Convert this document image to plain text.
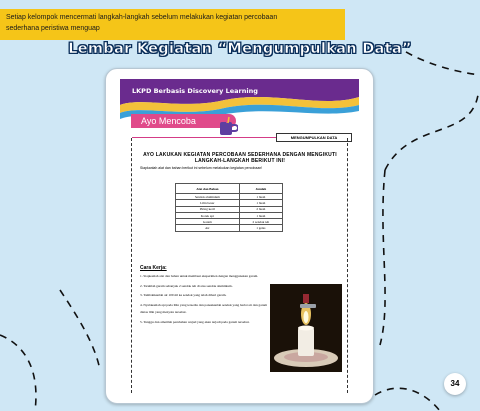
Setiap kelompok mencermati langkah-langkah sebelum melakukan kegiatan percobaan
sederhana peristiwa menguap
Lembar Kegiatan “Mengumpulkan Data”
LKPD Berbasis Discovery Learning
Ayo Mencoba
MENGUMPULKAN DATA
AYO LAKUKAN KEGIATAN PERCOBAAN SEDERHANA DENGAN MENGIKUTI LANGKAH-LANGKAH BERIKUT INI!
Siapkanlah alat dan bahan berikut ini sebelum melakukan kegiatan percobaan!
Alat dan Bahan	Jumlah
Sendok aluminium	1 buah
Lilin besar	1 buah
Piring kecil	2 buah
Korek api	1 buah
Garam	2 sendok teh
Air	1 gelas
Cara Kerja:

1. Siapkanlah alat dan bahan untuk membuat eksperimen dengan menggunakan garam.

2. Taruhlah garam sebanyak 2 sendok teh di atas sendok aluminium.

3. Tambahkanlah air 100 ml ke sendok yang telah diberi garam.

4. Nyalakanlah api pada lilin yang tersedia dan panaskanlah sendok yang berisi air dan garam diatas lilin yang menyala tersebut.

5. Tunggu dan amatilah perubahan wujud yang akan terjadi pada garam tersebut.

34
